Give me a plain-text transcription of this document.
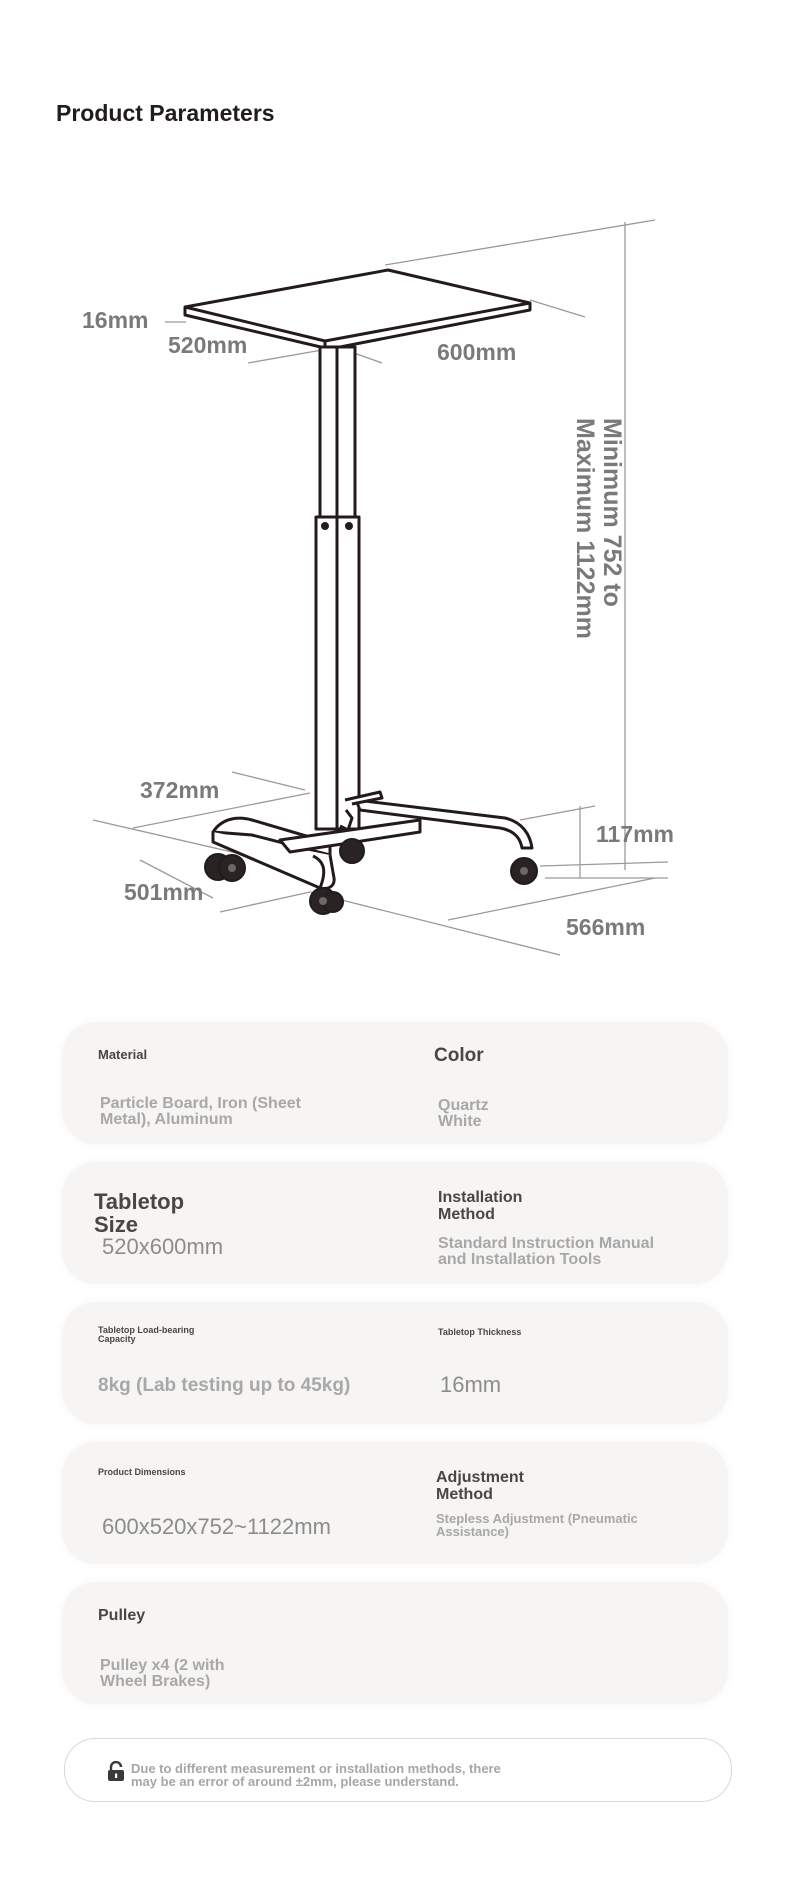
Product Parameters
16mm
520mm	600mm
372mm
501mm
117mm
566mm
Minimum 752 to Maximum 1122mm
Material
Particle Board, Iron (Sheet
Metal), Aluminum
Color
Quartz
White
Tabletop
Size
520x600mm
Installation
Method
Standard Instruction Manual
and Installation Tools
Tabletop Load-bearing
Capacity
8kg (Lab testing up to 45kg)
Tabletop Thickness
16mm
Product Dimensions
600x520x752~1122mm
Adjustment
Method
Stepless Adjustment (Pneumatic
Assistance)
Pulley
Pulley x4 (2 with
Wheel Brakes)
Due to different measurement or installation methods, there
may be an error of around ±2mm, please understand.
